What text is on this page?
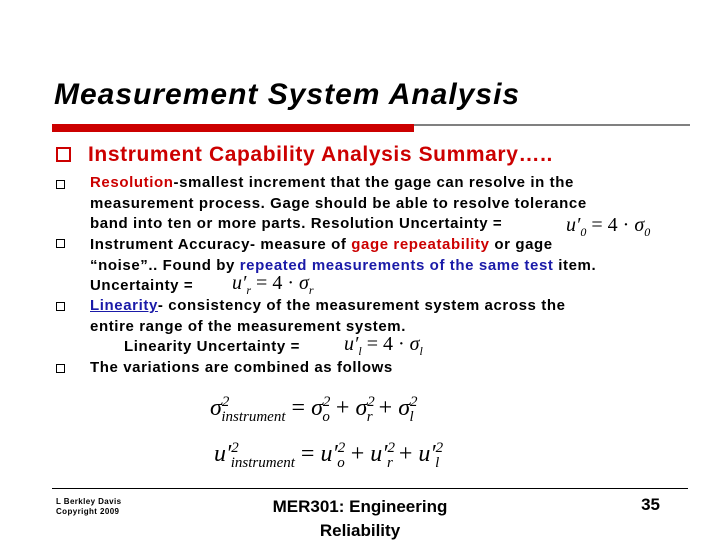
Measurement System Analysis
Instrument Capability Analysis Summary…..
Resolution-smallest increment that the gage can resolve in the
measurement process. Gage should be able to resolve tolerance
band into ten or more parts. Resolution Uncertainty =	$u'_0 = 4 \cdot \sigma_0$
Instrument Accuracy- measure of gage repeatability or gage
“noise”.. Found by repeated measurements of the same test item.
Uncertainty =	$u'_r = 4 \cdot \sigma_r$
Linearity- consistency of the measurement system across the
entire range of the measurement system.
Linearity Uncertainty =	$u'_l = 4 \cdot \sigma_l$
The variations are combined as follows
$\sigma^2_{instrument} = \sigma^2_o + \sigma^2_r + \sigma^2_l$
$u'^2_{instrument} = u'^2_o + u'^2_r + u'^2_l$
L Berkley Davis
Copyright 2009	MER301: Engineering
Reliability
35
